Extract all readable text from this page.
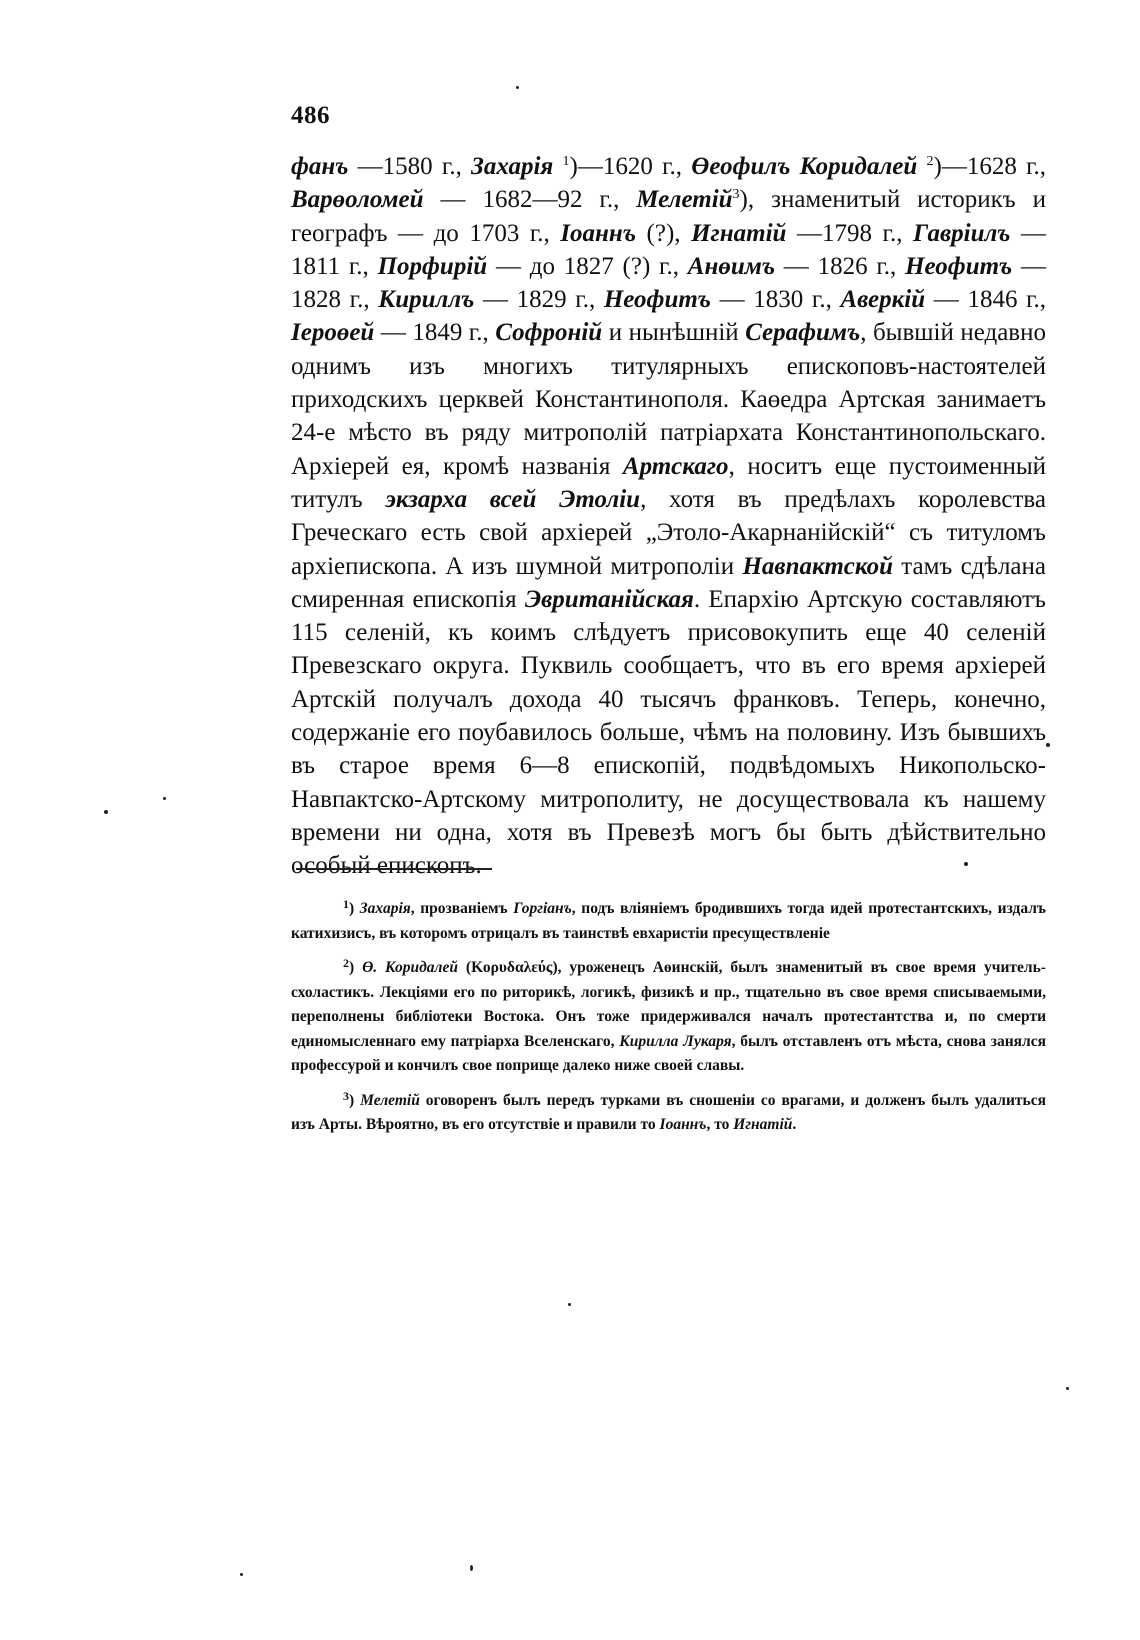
486

фанъ —1580 г., Захарія $^1$)—1620 г., Өеофилъ Коридалей $^2$)—1628 г., Варөоломей — 1682—92 г., Мелетій$^3$), знаменитый историкъ и географъ — до 1703 г., Іоаннъ (?), Игнатій —1798 г., Гавріилъ —1811 г., Порфирій — до 1827 (?) г., Анөимъ — 1826 г., Неофитъ — 1828 г., Кириллъ — 1829 г., Неофитъ — 1830 г., Аверкій — 1846 г., Іероөей — 1849 г., Софроній и нынѣшній Серафимъ, бывшій недавно однимъ изъ многихъ титулярныхъ епископовъ-настоятелей приходскихъ церквей Константинополя. Каөедра Артская занимаетъ 24-е мѣсто въ ряду митрополій патріархата Константинопольскаго. Архіерей ея, кромѣ названія Артскаго, носитъ еще пустоименный титулъ экзарха всей Этоліи, хотя въ предѣлахъ королевства Греческаго есть свой архіерей „Этоло-Акарнанійскій“ съ титуломъ архіепископа. А изъ шумной митрополіи Навпактской тамъ сдѣлана смиренная епископія Эвританійская. Епархію Артскую составляютъ 115 селеній, къ коимъ слѣдуетъ присовокупить еще 40 селеній Превезскаго округа. Пуквиль сообщаетъ, что въ его время архіерей Артскій получалъ дохода 40 тысячъ франковъ. Теперь, конечно, содержаніе его поубавилось больше, чѣмъ на половину. Изъ бывшихъ въ старое время 6—8 епископій, подвѣдомыхъ Никопольско-Навпактско-Артскому митрополиту, не досуществовала къ нашему времени ни одна, хотя въ Превезѣ могъ бы быть дѣйствительно особый епископъ.

$^1$) Захарія, прозваніемъ Горгіанъ, подъ вліяніемъ бродившихъ тогда идей протестантскихъ, издалъ катихизисъ, въ которомъ отрицалъ въ таинствѣ евхаристіи пресуществленіе

$^2$) Ө. Коридалей (Κορυδαλεύς), уроженецъ Аөинскій, былъ знаменитый въ свое время учитель-схоластикъ. Лекціями его по риторикѣ, логикѣ, физикѣ и пр., тщательно въ свое время списываемыми, переполнены библіотеки Востока. Онъ тоже придерживался началъ протестантства и, по смерти единомысленнаго ему патріарха Вселенскаго, Кирилла Лукаря, былъ отставленъ отъ мѣста, снова занялся профессурой и кончилъ свое поприще далеко ниже своей славы.

$^3$) Мелетій оговоренъ былъ передъ турками въ сношеніи со врагами, и долженъ былъ удалиться изъ Арты. Вѣроятно, въ его отсутствіе и правили то Іоаннъ, то Игнатій.
